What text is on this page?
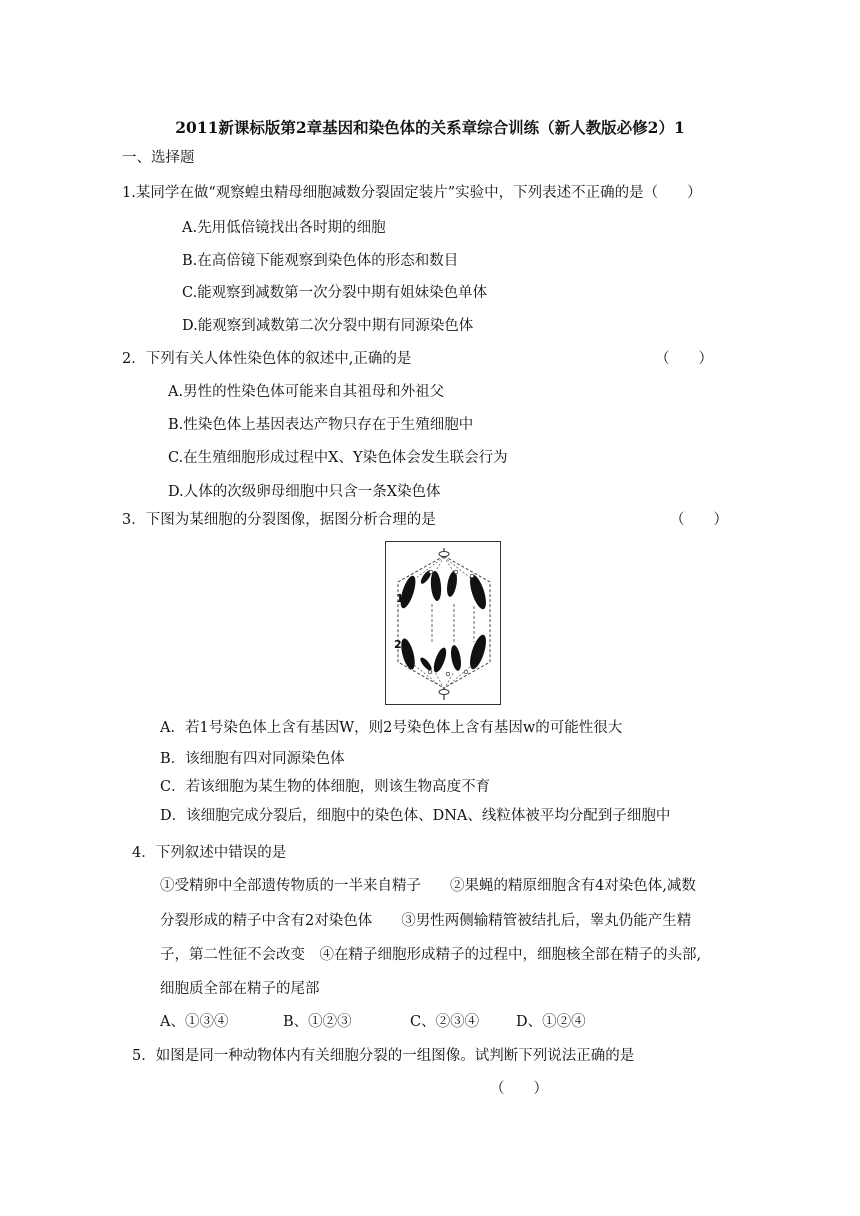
2011新课标版第2章基因和染色体的关系章综合训练（新人教版必修2）1
一、选择题
1.某同学在做“观察蝗虫精母细胞减数分裂固定装片”实验中，下列表述不正确的是（　　）
A.先用低倍镜找出各时期的细胞
B.在高倍镜下能观察到染色体的形态和数目
C.能观察到减数第一次分裂中期有姐妹染色单体
D.能观察到减数第二次分裂中期有同源染色体
2．下列有关人体性染色体的叙述中,正确的是	（　　）
A.男性的性染色体可能来自其祖母和外祖父
B.性染色体上基因表达产物只存在于生殖细胞中
C.在生殖细胞形成过程中X、Y染色体会发生联会行为
D.人体的次级卵母细胞中只含一条X染色体
3．下图为某细胞的分裂图像，据图分析合理的是	（　　）
1
2
A．若1号染色体上含有基因W，则2号染色体上含有基因w的可能性很大
B．该细胞有四对同源染色体
C．若该细胞为某生物的体细胞，则该生物高度不育
D．该细胞完成分裂后，细胞中的染色体、DNA、线粒体被平均分配到子细胞中
4．下列叙述中错误的是
①受精卵中全部遗传物质的一半来自精子　　②果蝇的精原细胞含有4对染色体,减数
分裂形成的精子中含有2对染色体　　③男性两侧输精管被结扎后，睾丸仍能产生精
子，第二性征不会改变　④在精子细胞形成精子的过程中，细胞核全部在精子的头部,
细胞质全部在精子的尾部
A、①③④	B、①②③	C、②③④	D、①②④
5．如图是同一种动物体内有关细胞分裂的一组图像。试判断下列说法正确的是
（　　）
